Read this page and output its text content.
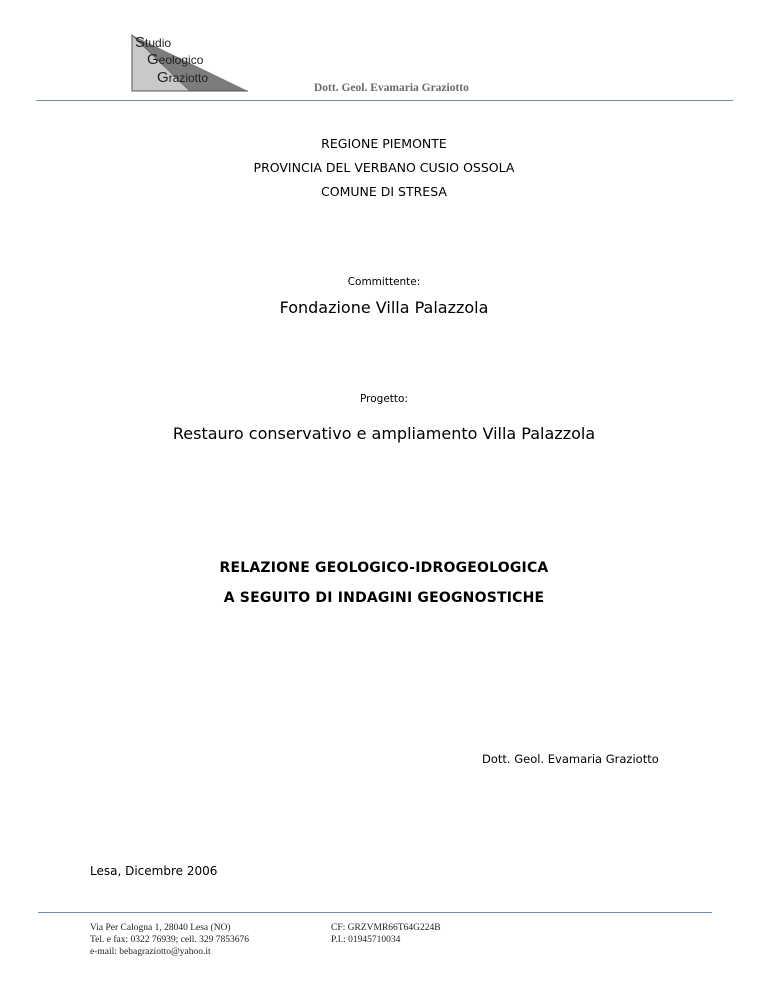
Studio
Geologico
Graziotto
Dott. Geol. Evamaria Graziotto
REGIONE PIEMONTE
PROVINCIA DEL VERBANO CUSIO OSSOLA
COMUNE DI STRESA
Committente:
Fondazione Villa Palazzola
Progetto:
Restauro conservativo e ampliamento Villa Palazzola
RELAZIONE GEOLOGICO-IDROGEOLOGICA
A SEGUITO DI INDAGINI GEOGNOSTICHE
Dott. Geol. Evamaria Graziotto
Lesa, Dicembre 2006
Via Per Calogna 1, 28040 Lesa (NO)
Tel. e fax: 0322 76939; cell. 329 7853676
e-mail: bebagraziotto@yahoo.it
CF: GRZVMR66T64G224B
P.I.: 01945710034
